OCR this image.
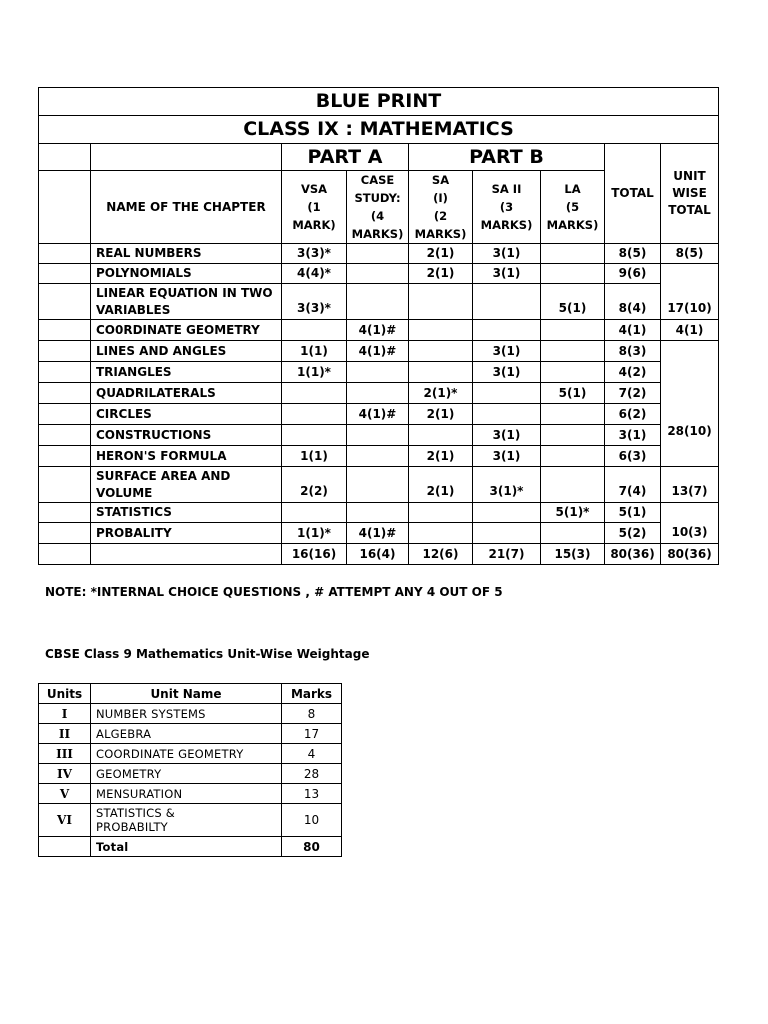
BLUE PRINT								
CLASS IX : MATHEMATICS								
		PART A		PART B			TOTAL	UNIT
WISE
TOTAL
	NAME OF THE CHAPTER	VSA
(1
MARK)	CASE
STUDY:
(4
MARKS)	SA
(I)
(2
MARKS)	SA II
(3
MARKS)	LA
(5
MARKS)		
	REAL NUMBERS	3(3)*		2(1)	3(1)		8(5)	8(5)
	POLYNOMIALS	4(4)*		2(1)	3(1)		9(6)	17(10)
	LINEAR EQUATION IN TWO
VARIABLES	3(3)*				5(1)	8(4)	
	CO0RDINATE GEOMETRY		4(1)#				4(1)	4(1)
	LINES AND ANGLES	1(1)	4(1)#		3(1)		8(3)	28(10)
	TRIANGLES	1(1)*			3(1)		4(2)	
	QUADRILATERALS			2(1)*		5(1)	7(2)	
	CIRCLES		4(1)#	2(1)			6(2)	
	CONSTRUCTIONS				3(1)		3(1)	
	HERON'S FORMULA	1(1)		2(1)	3(1)		6(3)	
	SURFACE AREA AND
VOLUME	2(2)		2(1)	3(1)*		7(4)	13(7)
	STATISTICS					5(1)*	5(1)	10(3)
	PROBALITY	1(1)*	4(1)#				5(2)	
		16(16)	16(4)	12(6)	21(7)	15(3)	80(36)	80(36)
NOTE: *INTERNAL CHOICE QUESTIONS , # ATTEMPT ANY 4 OUT OF 5
CBSE Class 9 Mathematics Unit-Wise Weightage
Units	Unit Name	Marks
I	NUMBER SYSTEMS	8
II	ALGEBRA	17
III	COORDINATE GEOMETRY	4
IV	GEOMETRY	28
V	MENSURATION	13
VI	STATISTICS &
PROBABILTY	10
	Total	80
